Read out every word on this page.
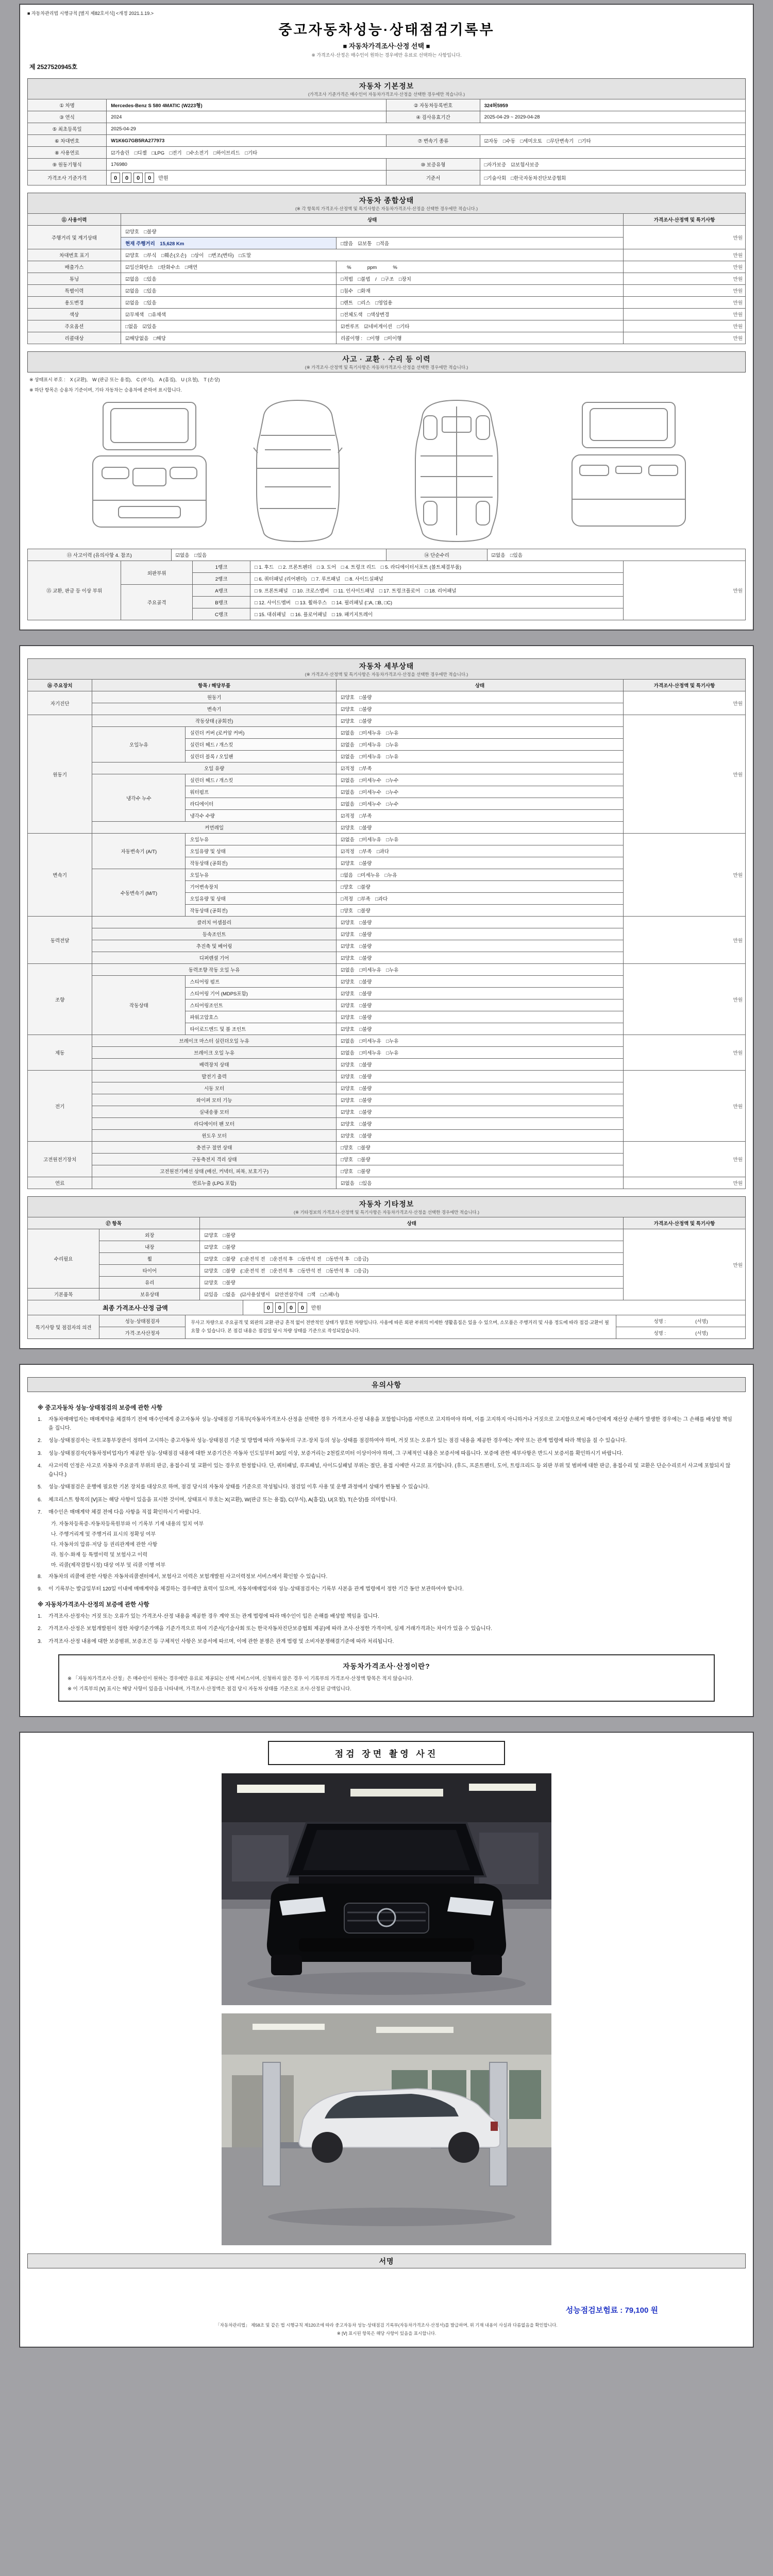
■ 자동차관리법 시행규칙 [별지 제82호서식] <개정 2021.1.19.>
중고자동차성능·상태점검기록부
■ 자동차가격조사·산정 선택 ■
※ 가격조사·산정은 매수인이 원하는 경우에만 유료로 선택하는 사항입니다.
제 2527520945호
자동차 기본정보
(가격조사 기준가격은 매수인이 자동차가격조사·산정을 선택한 경우에만 적습니다.)
① 차명	Mercedes-Benz S 580 4MATIC (W223형)	② 자동차등록번호	324허5959
③ 연식	2024	④ 검사유효기간	2025-04-29 ~ 2029-04-28
⑤ 최초등록일	2025-04-29		
⑥ 차대번호	W1K6G7GB5RA277973	⑦ 변속기 종류	☑자동　□수동　□세미오토　□무단변속기　□기타
⑧ 사용연료	☑가솔린　□디젤　□LPG　□전기　□수소전기　□하이브리드　□기타		
⑨ 원동기형식	176980	⑩ 보증유형	□자가보증　☑보험사보증
가격조사 기준가격	0 0 0 0 만원	기준서	□기술사회　□한국자동차진단보증협회
자동차 종합상태
(※ 각 항목의 가격조사·산정액 및 특기사항은 자동차가격조사·산정을 선택한 경우에만 적습니다.)
⑪ 사용이력	상태		가격조사·산정액 및 특기사항
주행거리 및 계기상태	☑양호　□불량		만원
	현재 주행거리　15,628 Km	□많음　☑보통　□적음	
차대번호 표기	☑양호　□부식　□훼손(오손)　□상이　□변조(변타)　□도말		만원
배출가스	☑일산화탄소　□탄화수소　□매연	　 %　　　 ppm　　　 %	만원
튜닝	☑없음　□있음	□적법　□불법　/　□구조　□장치	만원
특별이력	☑없음　□있음	□침수　□화재	만원
용도변경	☑없음　□있음	□렌트　□리스　□영업용	만원
색상	☑무채색　□유채색	□전체도색　□색상변경	만원
주요옵션	□없음　☑있음	☑썬루프　☑네비게이션　□기타	만원
리콜대상	☑해당없음　□해당	리콜이행 :　□이행　□미이행	만원
사고 · 교환 · 수리 등 이력
(※ 가격조사·산정액 및 특기사항은 자동차가격조사·산정을 선택한 경우에만 적습니다.)
※ 상태표시 부호 :　X (교환),　W (판금 또는 용접),　C (부식),　A (흠집),　U (요철),　T (손상)
※ 하단 항목은 승용차 기준이며, 기타 자동차는 승용차에 준하여 표시합니다.
⑬ 사고이력 (유의사항 4. 참조)	☑없음　□있음	⑭ 단순수리	☑없음　□있음
⑮ 교환, 판금 등 이상 부위	외판부위	1랭크	□ 1. 후드　□ 2. 프론트펜더　□ 3. 도어　□ 4. 트렁크 리드　□ 5. 라디에이터서포트 (볼트체결부품)	만원
		2랭크	□ 6. 쿼터패널 (리어펜더)　□ 7. 루프패널　□ 8. 사이드실패널	
	주요골격	A랭크	□ 9. 프론트패널　□ 10. 크로스멤버　□ 11. 인사이드패널　□ 17. 트렁크플로어　□ 18. 리어패널	
		B랭크	□ 12. 사이드멤버　□ 13. 휠하우스　□ 14. 필러패널 (□A, □B, □C)	
		C랭크	□ 15. 대쉬패널　□ 16. 플로어패널　□ 19. 패키지트레이	
자동차 세부상태
(※ 가격조사·산정액 및 특기사항은 자동차가격조사·산정을 선택한 경우에만 적습니다.)
⑯ 주요장치	항목 / 해당부품		상태	가격조사·산정액 및 특기사항
자기진단	원동기		☑양호　□불량	만원
	변속기		☑양호　□불량	
원동기	작동상태 (공회전)		☑양호　□불량	만원
	오일누유	실린더 커버 (로커암 커버)	☑없음　□미세누유　□누유	
		실린더 헤드 / 개스킷	☑없음　□미세누유　□누유	
		실린더 블록 / 오일팬	☑없음　□미세누유　□누유	
	오일 유량		☑적정　□부족	
	냉각수 누수	실린더 헤드 / 개스킷	☑없음　□미세누수　□누수	
		워터펌프	☑없음　□미세누수　□누수	
		라디에이터	☑없음　□미세누수　□누수	
		냉각수 수량	☑적정　□부족	
	커먼레일		☑양호　□불량	
변속기	자동변속기 (A/T)	오일누유	☑없음　□미세누유　□누유	만원
		오일유량 및 상태	☑적정　□부족　□과다	
		작동상태 (공회전)	☑양호　□불량	
	수동변속기 (M/T)	오일누유	□없음　□미세누유　□누유	
		기어변속장치	□양호　□불량	
		오일유량 및 상태	□적정　□부족　□과다	
		작동상태 (공회전)	□양호　□불량	
동력전달	클러치 어셈블리		☑양호　□불량	만원
	등속조인트		☑양호　□불량	
	추진축 및 베어링		☑양호　□불량	
	디퍼렌셜 기어		☑양호　□불량	
조향	동력조향 작동 오일 누유		☑없음　□미세누유　□누유	만원
	작동상태	스티어링 펌프	☑양호　□불량	
		스티어링 기어 (MDPS포함)	☑양호　□불량	
		스티어링조인트	☑양호　□불량	
		파워고압호스	☑양호　□불량	
		타이로드엔드 및 볼 조인트	☑양호　□불량	
제동	브레이크 마스터 실린더오일 누유		☑없음　□미세누유　□누유	만원
	브레이크 오일 누유		☑없음　□미세누유　□누유	
	배력장치 상태		☑양호　□불량	
전기	발전기 출력		☑양호　□불량	만원
	시동 모터		☑양호　□불량	
	와이퍼 모터 기능		☑양호　□불량	
	실내송풍 모터		☑양호　□불량	
	라디에이터 팬 모터		☑양호　□불량	
	윈도우 모터		☑양호　□불량	
고전원전기장치	충전구 절연 상태		□양호　□불량	만원
	구동축전지 격리 상태		□양호　□불량	
	고전원전기배선 상태 (배선, 커넥터, 피복, 보호기구)		□양호　□불량	
연료	연료누출 (LPG 포함)		☑없음　□있음	만원
자동차 기타정보
(※ 기타정보의 가격조사·산정액 및 특기사항은 자동차가격조사·산정을 선택한 경우에만 적습니다.)
⑰ 항목		상태	가격조사·산정액 및 특기사항
수리필요	외장	☑양호　□불량	만원
	내장	☑양호　□불량	
	휠	☑양호　□불량　(□운전석 전　□운전석 후　□동반석 전　□동반석 후　□응급)	
	타이어	☑양호　□불량　(□운전석 전　□운전석 후　□동반석 전　□동반석 후　□응급)	
	유리	☑양호　□불량	
기본품목	보유상태	☑있음　□없음　(☑사용설명서　☑안전삼각대　□잭　□스패너)	
최종 가격조사·산정 금액	0 0 0 0 만원
특기사항 및 점검자의 의견	성능·상태점검자	무사고 차량으로 주요골격 및 외판의 교환·판금 흔적 없이 전반적인 상태가 양호한 차량입니다. 사용에 따른 외판 부위의 미세한 생활흠집은 있을 수 있으며, 소모품은 주행거리 및 사용 정도에 따라 점검·교환이 필요할 수 있습니다. 본 점검 내용은 점검일 당시 차량 상태를 기준으로 작성되었습니다.	성명 :　　　　　　(서명)
	가격·조사산정자		성명 :　　　　　　(서명)
유의사항
※ 중고자동차 성능·상태점검의 보증에 관한 사항
1.	자동차매매업자는 매매계약을 체결하기 전에 매수인에게 중고자동차 성능·상태점검 기록부(자동차가격조사·산정을 선택한 경우 가격조사·산정 내용을 포함합니다)를 서면으로 고지하여야 하며, 이를 고지하지 아니하거나 거짓으로 고지함으로써 매수인에게 재산상 손해가 발생한 경우에는 그 손해를 배상할 책임을 집니다.
2.	성능·상태점검자는 국토교통부장관이 정하여 고시하는 중고자동차 성능·상태점검 기준 및 방법에 따라 자동차의 구조·장치 등의 성능·상태를 점검하여야 하며, 거짓 또는 오류가 있는 점검 내용을 제공한 경우에는 계약 또는 관계 법령에 따라 책임을 질 수 있습니다.
3.	성능·상태점검자(자동차정비업자)가 제공한 성능·상태점검 내용에 대한 보증기간은 자동차 인도일부터 30일 이상, 보증거리는 2천킬로미터 이상이어야 하며, 그 구체적인 내용은 보증서에 따릅니다. 보증에 관한 세부사항은 반드시 보증서를 확인하시기 바랍니다.
4.	사고이력 인정은 사고로 자동차 주요골격 부위의 판금, 용접수리 및 교환이 있는 경우로 한정합니다. 단, 쿼터패널, 루프패널, 사이드실패널 부위는 절단, 용접 시에만 사고로 표기합니다. (후드, 프론트펜더, 도어, 트렁크리드 등 외판 부위 및 범퍼에 대한 판금, 용접수리 및 교환은 단순수리로서 사고에 포함되지 않습니다.)
5.	성능·상태점검은 운행에 필요한 기본 장치를 대상으로 하며, 점검 당시의 자동차 상태를 기준으로 작성됩니다. 점검일 이후 사용 및 운행 과정에서 상태가 변동될 수 있습니다.
6.	체크리스트 항목의 [Ⅴ]표는 해당 사항이 있음을 표시한 것이며, 상태표시 부호는 X(교환), W(판금 또는 용접), C(부식), A(흠집), U(요철), T(손상)를 의미합니다.
7.	매수인은 매매계약 체결 전에 다음 사항을 직접 확인하시기 바랍니다.
가. 자동차등록증·자동차등록원부와 이 기록부 기재 내용의 일치 여부
나. 주행거리계 및 주행거리 표시의 정확성 여부
다. 자동차의 압류·저당 등 권리관계에 관한 사항
라. 침수·화재 등 특별이력 및 보험사고 이력
마. 리콜(제작결함시정) 대상 여부 및 리콜 이행 여부
8.	자동차의 리콜에 관한 사항은 자동차리콜센터에서, 보험사고 이력은 보험개발원 사고이력정보 서비스에서 확인할 수 있습니다.
9.	이 기록부는 발급일부터 120일 이내에 매매계약을 체결하는 경우에만 효력이 있으며, 자동차매매업자와 성능·상태점검자는 기록부 사본을 관계 법령에서 정한 기간 동안 보관하여야 합니다.
※ 자동차가격조사·산정의 보증에 관한 사항
1.	가격조사·산정자는 거짓 또는 오류가 있는 가격조사·산정 내용을 제공한 경우 계약 또는 관계 법령에 따라 매수인이 입은 손해를 배상할 책임을 집니다.
2.	가격조사·산정은 보험개발원이 정한 차량기준가액을 기준가격으로 하여 기준서(기술사회 또는 한국자동차진단보증협회 제공)에 따라 조사·산정한 가격이며, 실제 거래가격과는 차이가 있을 수 있습니다.
3.	가격조사·산정 내용에 대한 보증범위, 보증조건 등 구체적인 사항은 보증서에 따르며, 이에 관한 분쟁은 관계 법령 및 소비자분쟁해결기준에 따라 처리됩니다.
자동차가격조사·산정이란?
※ 「자동차가격조사·산정」은 매수인이 원하는 경우에만 유료로 제공되는 선택 서비스이며, 신청하지 않은 경우 이 기록부의 가격조사·산정액 항목은 적지 않습니다.
※ 이 기록부의 [Ⅴ] 표시는 해당 사항이 있음을 나타내며, 가격조사·산정액은 점검 당시 자동차 상태를 기준으로 조사·산정된 금액입니다.
점검 장면 촬영 사진
서명
성능점검보험료 : 79,100 원
「자동차관리법」 제58조 및 같은 법 시행규칙 제120조에 따라 중고자동차 성능·상태점검 기록부(자동차가격조사·산정서)를 발급하며, 위 기재 내용이 사실과 다름없음을 확인합니다.
※ [Ⅴ] 표시된 항목은 해당 사항이 있음을 표시합니다.
